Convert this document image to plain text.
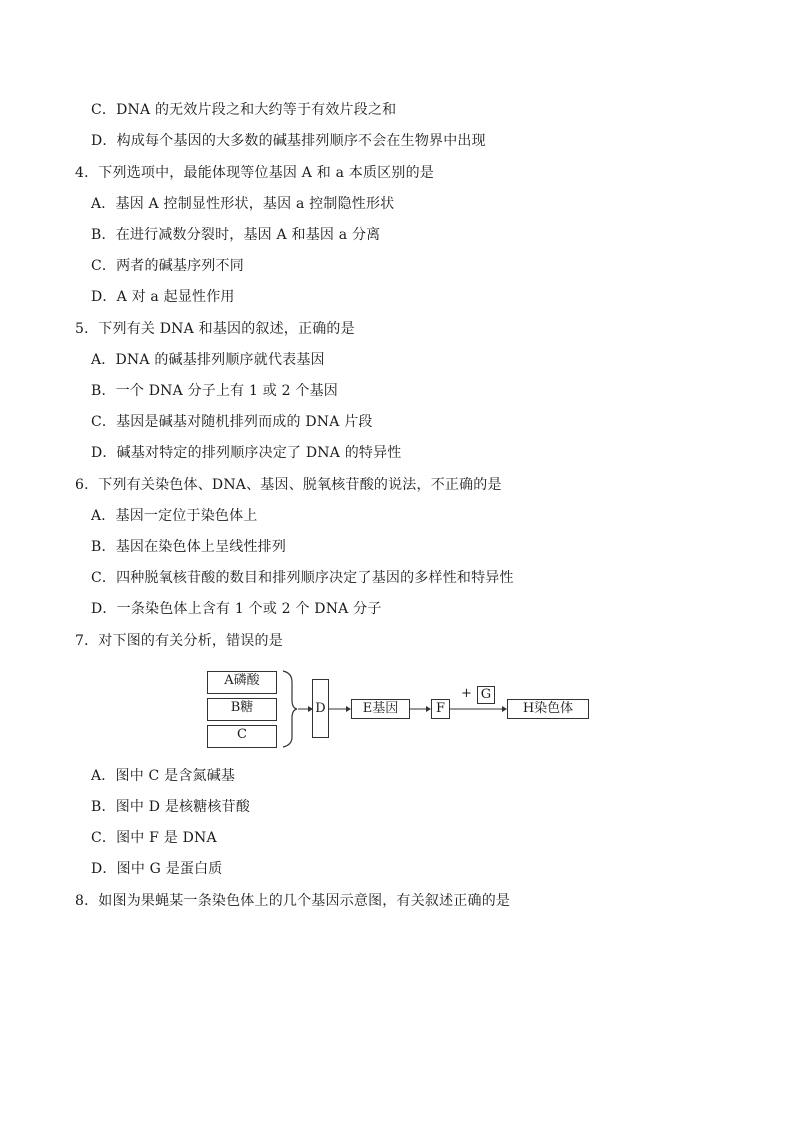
C．DNA 的无效片段之和大约等于有效片段之和
D．构成每个基因的大多数的碱基排列顺序不会在生物界中出现
4．下列选项中，最能体现等位基因 A 和 a 本质区别的是
A．基因 A 控制显性形状，基因 a 控制隐性形状
B．在进行减数分裂时，基因 A 和基因 a 分离
C．两者的碱基序列不同
D．A 对 a 起显性作用
5．下列有关 DNA 和基因的叙述，正确的是
A．DNA 的碱基排列顺序就代表基因
B．一个 DNA 分子上有 1 或 2 个基因
C．基因是碱基对随机排列而成的 DNA 片段
D．碱基对特定的排列顺序决定了 DNA 的特异性
6．下列有关染色体、DNA、基因、脱氧核苷酸的说法，不正确的是
A．基因一定位于染色体上
B．基因在染色体上呈线性排列
C．四种脱氧核苷酸的数目和排列顺序决定了基因的多样性和特异性
D．一条染色体上含有 1 个或 2 个 DNA 分子
7．对下图的有关分析，错误的是
A磷酸
B糖
C
D	E基因	F
+ G
H染色体
A．图中 C 是含氮碱基
B．图中 D 是核糖核苷酸
C．图中 F 是 DNA
D．图中 G 是蛋白质
8．如图为果蝇某一条染色体上的几个基因示意图，有关叙述正确的是
